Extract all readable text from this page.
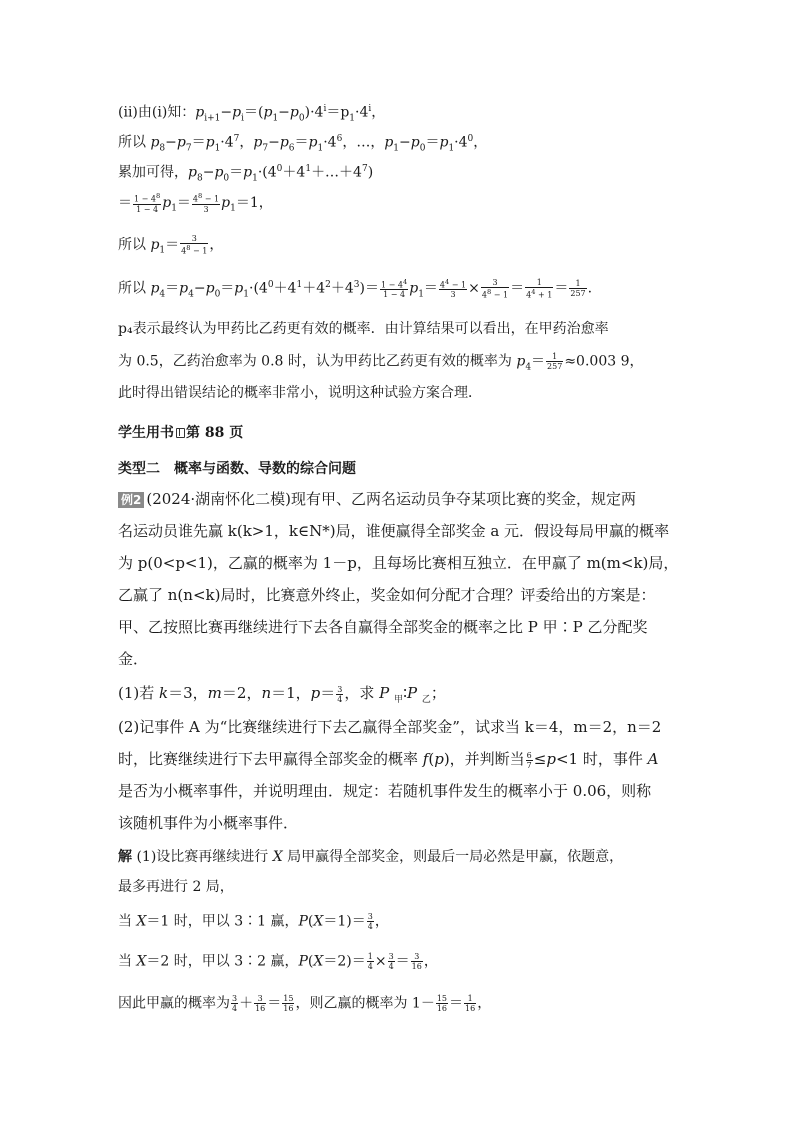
(ⅱ)由(ⅰ)知：$p_{i+1}-p_i=(p_1-p_0)\cdot 4^i=p_1\cdot 4^i$，
所以 $p_8-p_7=p_1\cdot 4^7$，$p_7-p_6=p_1\cdot 4^6$，…，$p_1-p_0=p_1\cdot 4^0$，
累加可得，$p_8-p_0=p_1\cdot(4^0+4^1+\dots+4^7)$
＝ $\frac{1 - 4^8}{1 - 4} p_1= \frac{4^8 - 1}{3} p_1=1$，
所以 $p_1= \frac{3}{4^8 - 1}$ ，
所以 $p_4=p_4-p_0=p_1\cdot(4^0+4^1+4^2+4^3)= \frac{1 - 4^4}{1 - 4} p_1= \frac{4^4 - 1}{3} \times \frac{3}{4^8 - 1} = \frac{1}{4^4 + 1} = \frac{1}{257}$ .
p₄表示最终认为甲药比乙药更有效的概率．由计算结果可以看出，在甲药治愈率
为 0.5，乙药治愈率为 0.8 时，认为甲药比乙药更有效的概率为 $p_4= \frac{1}{257} \approx 0.003$ 9，
此时得出错误结论的概率非常小，说明这种试验方案合理．
学生用书 第 88 页
类型二　概率与函数、导数的综合问题
例2 (2024·湖南怀化二模)现有甲、乙两名运动员争夺某项比赛的奖金，规定两
名运动员谁先赢 k(k>1，k∈N*)局，谁便赢得全部奖金 a 元．假设每局甲赢的概率
为 p(0<p<1)，乙赢的概率为 1－p，且每场比赛相互独立．在甲赢了 m(m<k)局，
乙赢了 n(n<k)局时，比赛意外终止，奖金如何分配才合理？评委给出的方案是：
甲、乙按照比赛再继续进行下去各自赢得全部奖金的概率之比 P 甲∶P 乙分配奖
金．
(1)若 k＝3，m＝2，n＝1，$p= \frac{3}{4}$ ，求 P $_甲$∶P $_乙$；
(2)记事件 A 为“比赛继续进行下去乙赢得全部奖金”，试求当 k＝4，m＝2，n＝2
时，比赛继续进行下去甲赢得全部奖金的概率 f(p)，并判断当 $\frac{6}{7} \le p<1$ 时，事件 A
是否为小概率事件，并说明理由．规定：若随机事件发生的概率小于 0.06，则称
该随机事件为小概率事件．
解 (1)设比赛再继续进行 X 局甲赢得全部奖金，则最后一局必然是甲赢，依题意，
最多再进行 2 局，
当 X＝1 时，甲以 3∶1 赢，$P(X=1)= \frac{3}{4}$ ，
当 X＝2 时，甲以 3∶2 赢，$P(X=2)= \frac{1}{4} \times \frac{3}{4} = \frac{3}{16}$ ，
因此甲赢的概率为 $\frac{3}{4} + \frac{3}{16} = \frac{15}{16}$ ，则乙赢的概率为 $1- \frac{15}{16} = \frac{1}{16}$ ，
